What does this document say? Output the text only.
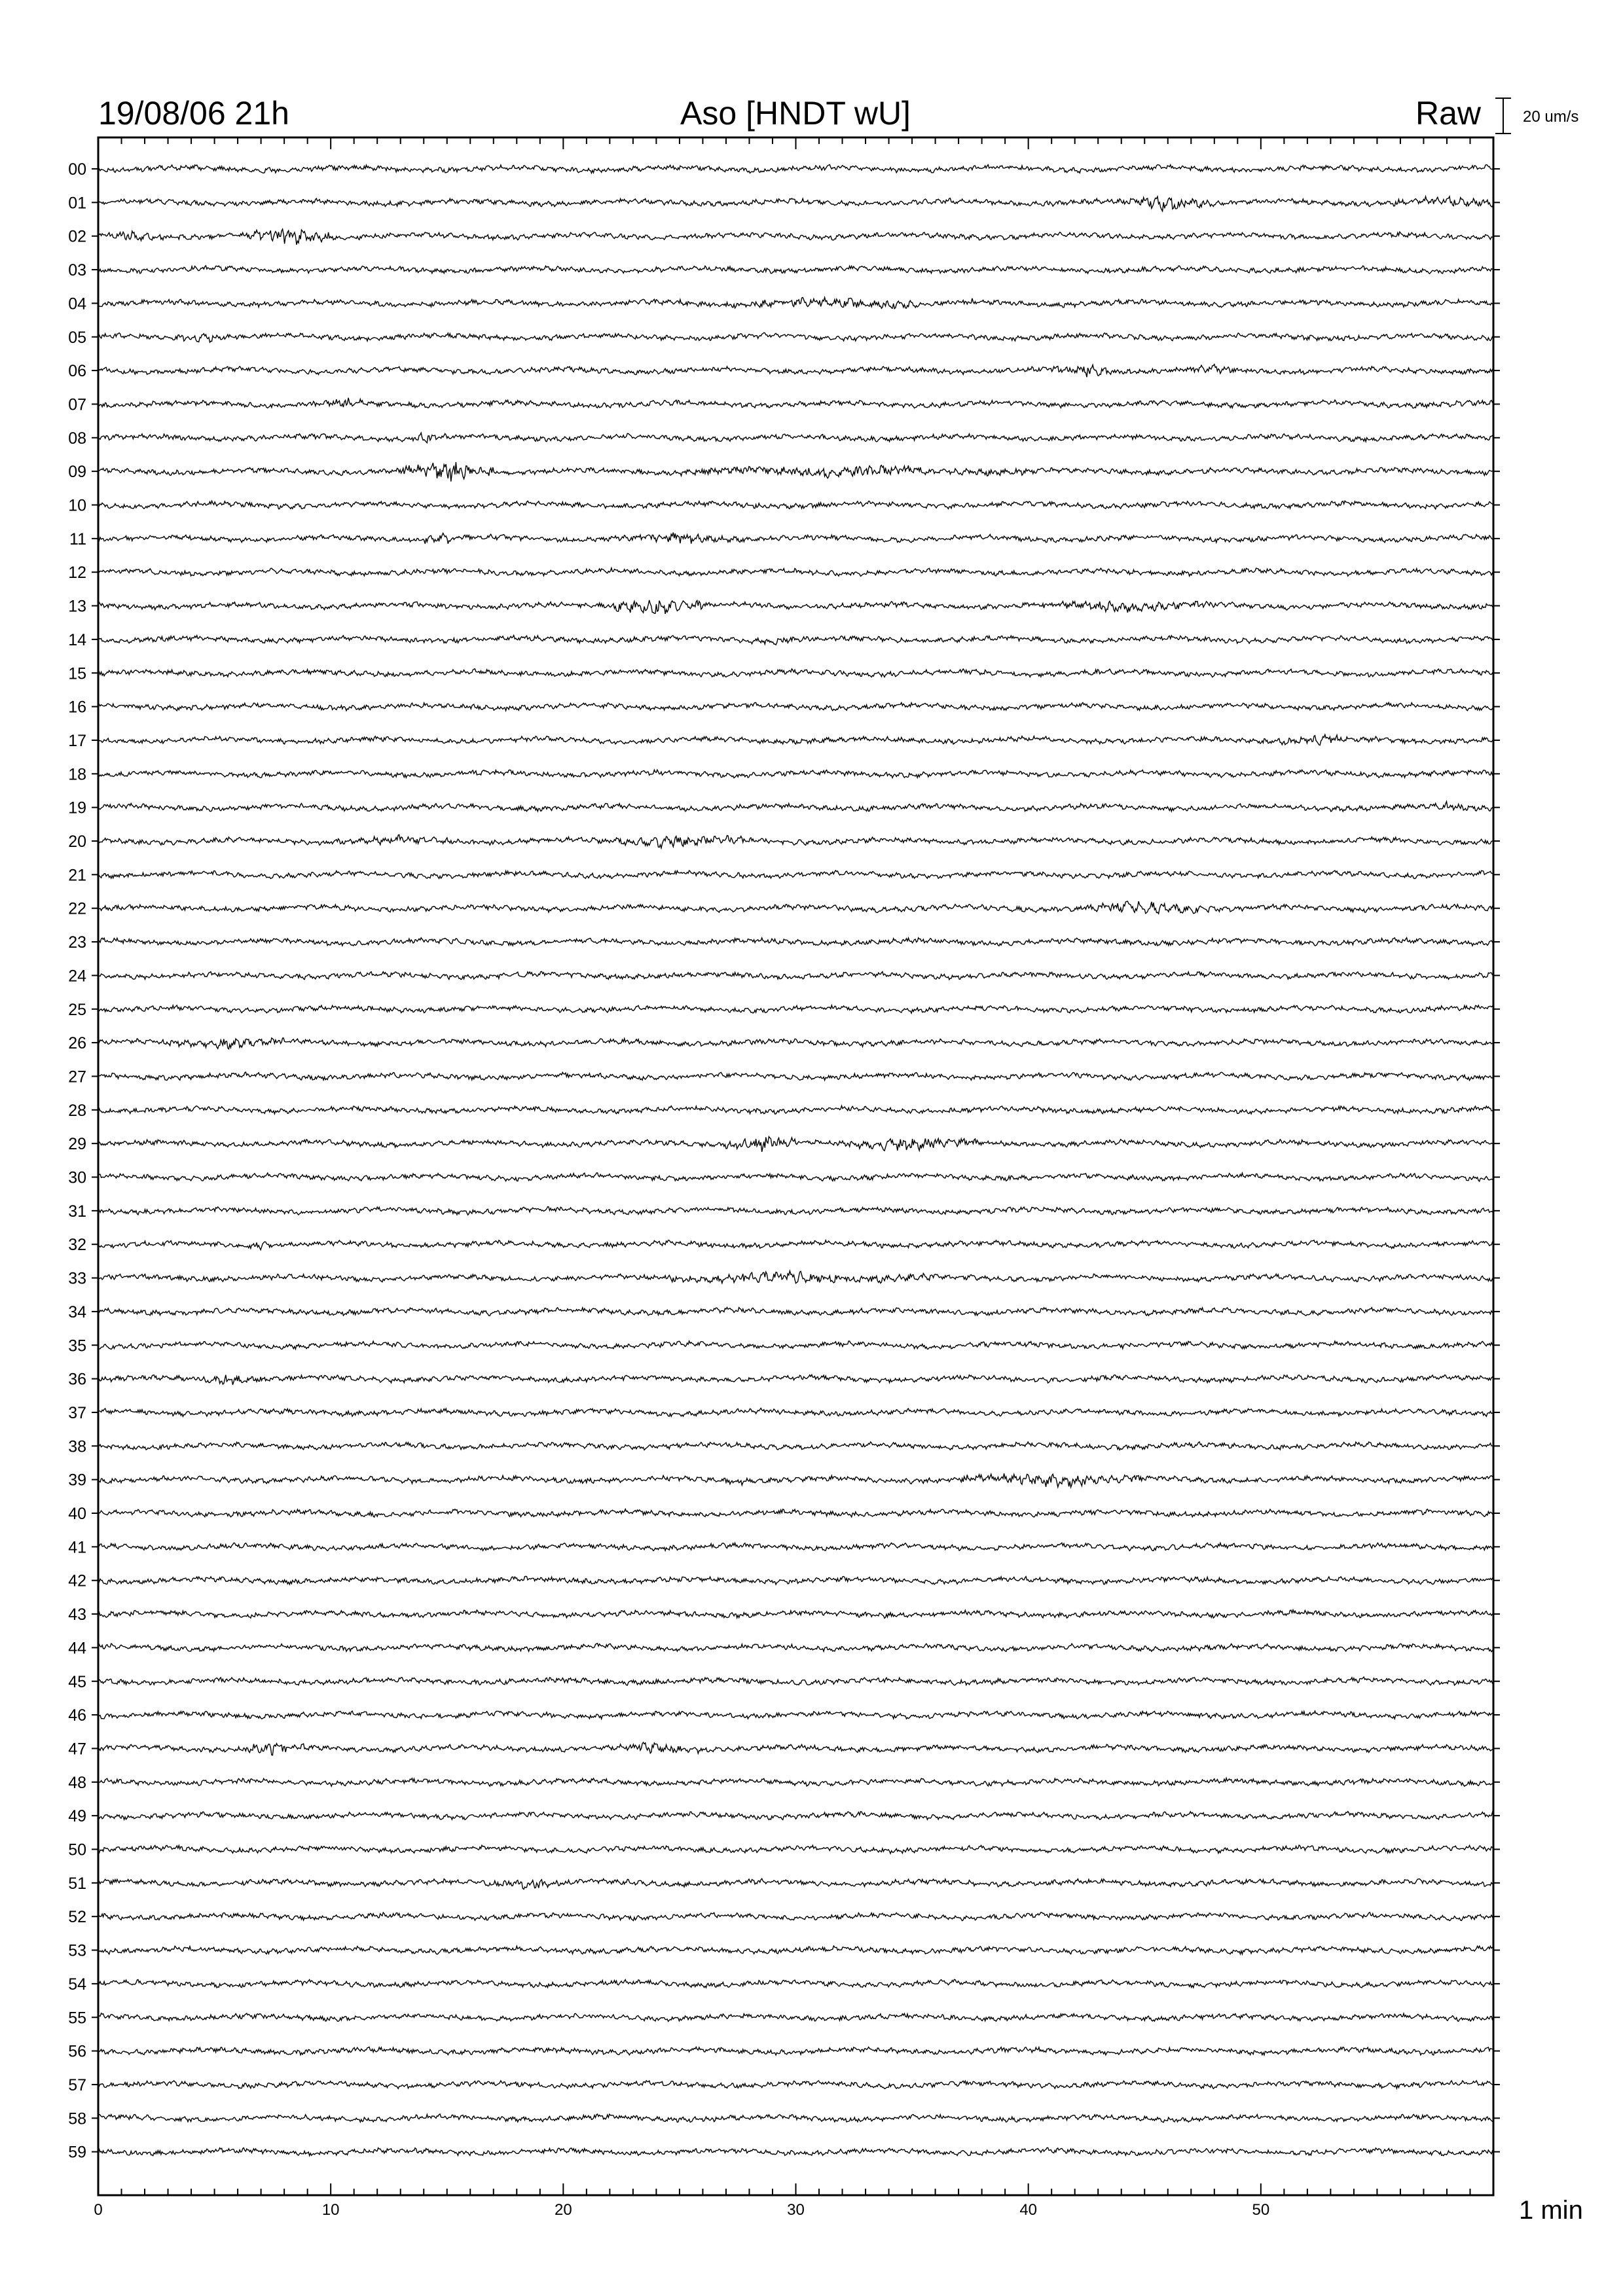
19/08/06 21h	Aso [HNDT wU]	Raw	20 um/s
00
01
02
03
04
05
06
07
08
09
10
11
12
13
14
15
16
17
18
19
20
21
22
23
24
25
26
27
28
29
30
31
32
33
34
35
36
37
38
39
40
41
42
43
44
45
46
47
48
49
50
51
52
53
54
55
56
57
58
59
0	10	20	30	40	50	1 min
